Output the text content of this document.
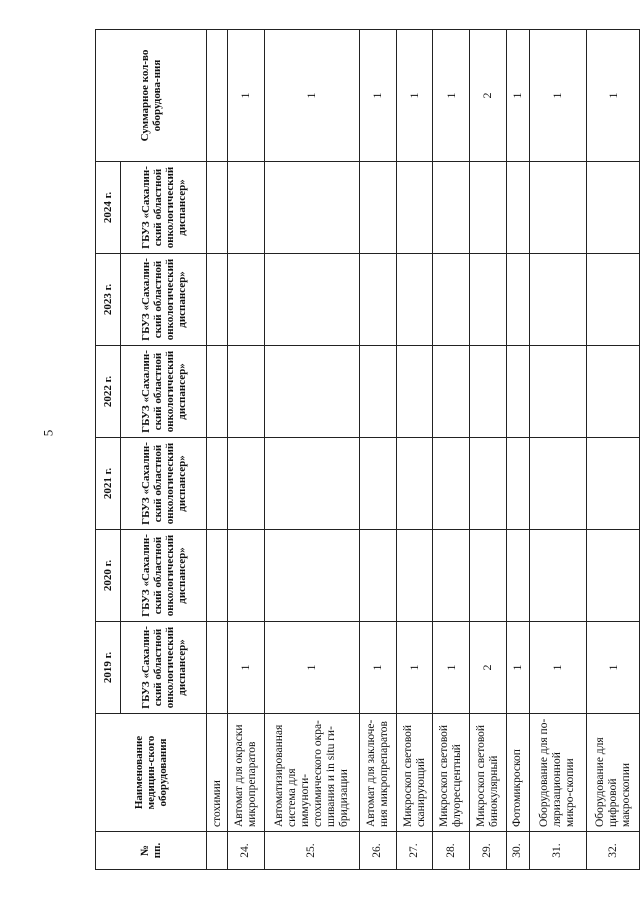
5
№ пп.	Наименование медицин-ского оборудования	2019 г.	2020 г.	2021 г.	2022 г.	2023 г.	2024 г.	Суммарное кол-во оборудова-ния
		ГБУЗ «Сахалин-ский областной онкологический диспансер»	ГБУЗ «Сахалин-ский областной онкологический диспансер»	ГБУЗ «Сахалин-ский областной онкологический диспансер»	ГБУЗ «Сахалин-ский областной онкологический диспансер»	ГБУЗ «Сахалин-ский областной онкологический диспансер»	ГБУЗ «Сахалин-ский областной онкологический диспансер»	
	стохимии							
24.	Автомат для окраски микропрепаратов	1						1
25.	Автоматизированная система для иммуноги-стохимического окра-шивания и in situ ги-бридизации	1						1
26.	Автомат для заключе-ния микропрепаратов	1						1
27.	Микроскоп световой сканирующий	1						1
28.	Микроскоп световой флуоресцентный	1						1
29.	Микроскоп световой бинокулярный	2						2
30.	Фотомикроскоп	1						1
31.	Оборудование для по-ляризационной микро-скопии	1						1
32.	Оборудование для цифровой макроскопии	1						1
